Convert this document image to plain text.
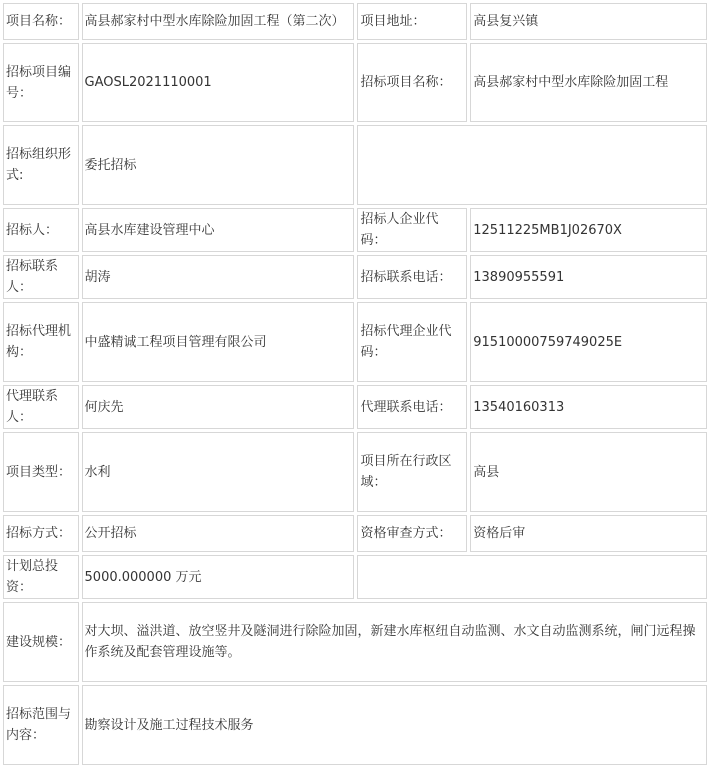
项目名称：	高县郝家村中型水库除险加固工程（第二次）	项目地址：	高县复兴镇
招标项目编号：	GAOSL2021110001	招标项目名称：	高县郝家村中型水库除险加固工程
招标组织形式:	委托招标		
招标人：	高县水库建设管理中心	招标人企业代码：	12511225MB1J02670X
招标联系人：	胡涛	招标联系电话：	13890955591
招标代理机构：	中盛精诚工程项目管理有限公司	招标代理企业代码：	91510000759749025E
代理联系人：	何庆先	代理联系电话：	13540160313
项目类型：	水利	项目所在行政区域：	高县
招标方式：	公开招标	资格审查方式：	资格后审
计划总投资：	5000.000000 万元		
建设规模：	对大坝、溢洪道、放空竖井及隧洞进行除险加固，新建水库枢纽自动监测、水文自动监测系统，闸门远程操作系统及配套管理设施等。		
招标范围与内容：	勘察设计及施工过程技术服务		
